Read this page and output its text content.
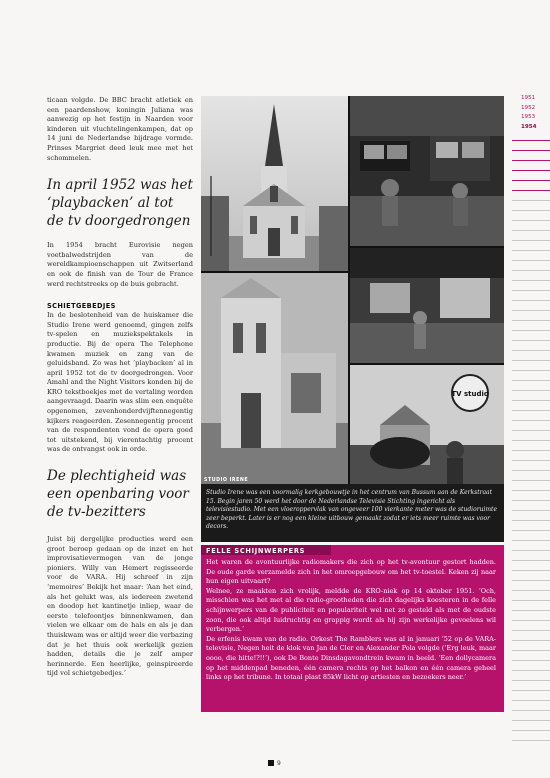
ticaan volgde. De BBC bracht atletiek en een paardenshow, koningin Juliana was aanwezig op het festijn in Naarden voor kinderen uit vluchtelingenkampen, dat op 14 juni de Nederlandse bijdrage vormde. Prinses Margriet deed leuk mee met het schommelen.

In april 1952 was het ‘playbacken’ al tot de tv doorgedrongen

In 1954 bracht Eurovisie negen voetbalwedstrijden van de wereldkampioenschappen uit Zwitserland en ook de finish van de Tour de France werd rechtstreeks op de buis gebracht.

SCHIETGEBEDJES

In de beslotenheid van de huiskamer die Studio Irene werd genoemd, gingen zelfs tv-spelen en muziekspektakels in productie. Bij de opera The Telephone kwamen muziek en zang van de geluidsband. Zo was het ‘playbacken’ al in april 1952 tot de tv doorgedrongen. Voor Amahl and the Night Visitors konden bij de KRO tekstboekjes met de vertaling worden aangevraagd. Daarin was slim een enquête opgenomen, zevenhonderdvijftennegentig kijkers reageerden. Zesennegentig procent van de respondenten vond de opera goed tot uitstekend, bij vierentachtig procent was de ontvangst ook in orde.

De plechtigheid was een openbaring voor de tv-bezitters

Juist bij dergelijke producties werd een groot beroep gedaan op de inzet en het improvisatievermogen van de jonge pioniers. Willy van Hemert regisseerde voor de VARA. Hij schreef in zijn ‘memoires’ Bekijk het maar: ‘Aan het eind, als het gelukt was, als iedereen zwetend en doodop het kantinetje inliep, waar de eerste telefoontjes binnenkwamen, dan vielen we elkaar om de hals en als je dan thuiskwam was er altijd weer die verbazing dat je het thuis ook werkelijk gezien hadden, details die je zelf amper herinnerde. Een heerlijke, geinspireerde tijd vol schietgebedjes.’

TV studio
STUDIO IRENE
Studio Irene was een voormalig kerkgebouwtje in het centrum van Bussum aan de Kerkstraat 15. Begin jaren 50 werd het door de Nederlandse Televisie Stichting ingericht als televisiestudio. Met een vloeroppervlak van ongeveer 100 vierkante meter was de studioruimte zeer beperkt. Later is er nog een kleine uitbouw gemaakt zodat er iets meer ruimte was voor decors.
FELLE SCHIJNWERPERS

Het waren de avontuurlijke radiomakers die zich op het tv-avontuur gestort hadden. De oude garde verzamelde zich in het omroepgebouw om het tv-toestel. Keken zij naar hun eigen uitvaart?

Welnee, ze maakten zich vrolijk, meldde de KRO-niek op 14 oktober 1951. ‘Och, misschien was het met al die radio-grootheden die zich dagelijks koesteren in de felle schijnwerpers van de publiciteit en populariteit wel net zo gesteld als met de oudste zoon, die ook altijd luidruchtig en grappig wordt als hij zijn werkelijke gevoelens wil verbergen.’

De erfenis kwam van de radio. Orkest The Ramblers was al in januari ’52 op de VARA-televisie, Negen heit de klok van Jan de Cler en Alexander Pola volgde (‘Erg leuk, maar oooo, die hitte!?!!’), ook De Bonte Dinsdagavondtrein kwam in beeld. ‘Een dollycamera op het middenpad beneden, één camera rechts op het balkon en één camera geheel links op het tribune. In totaal plast 85kW licht op artiesten en bezoekers neer.’

1951
1952
1953
1954
9
